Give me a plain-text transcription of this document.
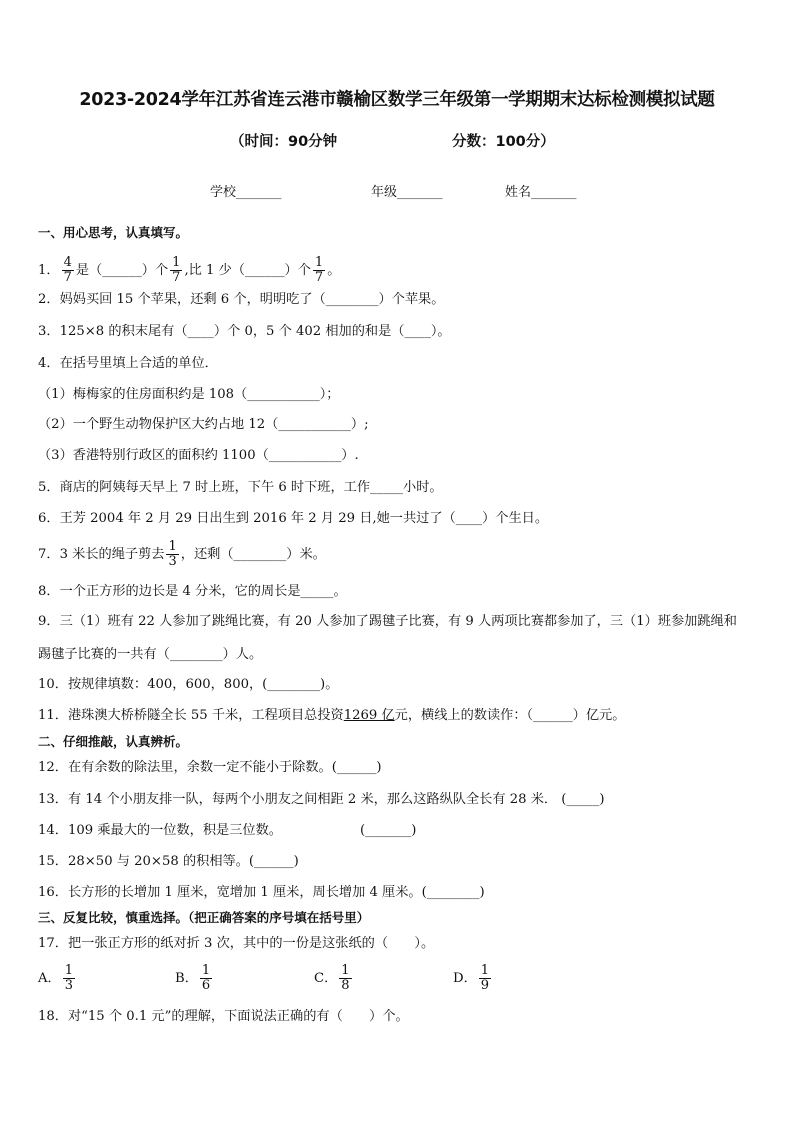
2023-2024学年江苏省连云港市赣榆区数学三年级第一学期期末达标检测模拟试题
（时间：90分钟	分数：100分）
学校_______	年级_______	姓名_______
一、用心思考，认真填写。
1． $\frac{4}{7}$ 是（______）个 $\frac{1}{7}$ ,比 1 少（______）个 $\frac{1}{7}$ 。
2．妈妈买回 15 个苹果，还剩 6 个，明明吃了（________）个苹果。
3．125×8 的积末尾有（____）个 0，5 个 402 相加的和是（____）。
4．在括号里填上合适的单位．
（1）梅梅家的住房面积约是 108（___________）；
（2）一个野生动物保护区大约占地 12（___________）;
（3）香港特别行政区的面积约 1100（___________）.
5．商店的阿姨每天早上 7 时上班，下午 6 时下班，工作_____小时。
6．王芳 2004 年 2 月 29 日出生到 2016 年 2 月 29 日,她一共过了（____）个生日。
7．3 米长的绳子剪去 $\frac{1}{3}$ ，还剩（________）米。
8．一个正方形的边长是 4 分米，它的周长是_____。
9．三（1）班有 22 人参加了跳绳比赛，有 20 人参加了踢毽子比赛，有 9 人两项比赛都参加了，三（1）班参加跳绳和
踢毽子比赛的一共有（________）人。
10．按规律填数：400，600，800，(________)。
11．港珠澳大桥桥隧全长 55 千米，工程项目总投资1269 亿元，横线上的数读作：（______）亿元。
二、仔细推敲，认真辨析。
12．在有余数的除法里，余数一定不能小于除数。(______)
13．有 14 个小朋友排一队，每两个小朋友之间相距 2 米，那么这路纵队全长有 28 米． (_____)
14．109 乘最大的一位数，积是三位数。	(_______)
15．28×50 与 20×58 的积相等。(______)
16．长方形的长增加 1 厘米，宽增加 1 厘米，周长增加 4 厘米。(________)
三、反复比较，慎重选择。（把正确答案的序号填在括号里）
17．把一张正方形的纸对折 3 次，其中的一份是这张纸的（　　）。
A． $\frac{1}{3}$	B． $\frac{1}{6}$	C． $\frac{1}{8}$	D． $\frac{1}{9}$
18．对“15 个 0.1 元”的理解，下面说法正确的有（　　）个。
